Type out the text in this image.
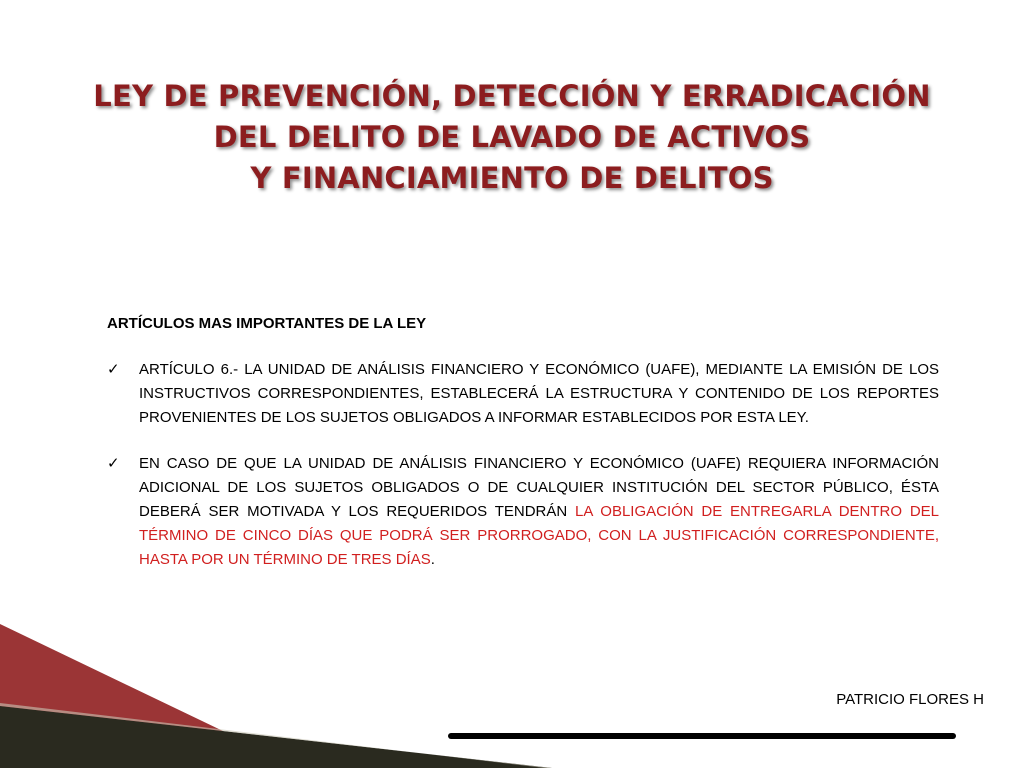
LEY DE PREVENCIÓN, DETECCIÓN Y ERRADICACIÓN
DEL DELITO DE LAVADO DE ACTIVOS
Y FINANCIAMIENTO DE DELITOS
ARTÍCULOS MAS IMPORTANTES DE LA LEY
✓	ARTÍCULO 6.- LA UNIDAD DE ANÁLISIS FINANCIERO Y ECONÓMICO (UAFE), MEDIANTE LA EMISIÓN DE LOS INSTRUCTIVOS CORRESPONDIENTES, ESTABLECERÁ LA ESTRUCTURA Y CONTENIDO DE LOS REPORTES PROVENIENTES DE LOS SUJETOS OBLIGADOS A INFORMAR ESTABLECIDOS POR ESTA LEY.
✓	EN CASO DE QUE LA UNIDAD DE ANÁLISIS FINANCIERO Y ECONÓMICO (UAFE) REQUIERA INFORMACIÓN ADICIONAL DE LOS SUJETOS OBLIGADOS O DE CUALQUIER INSTITUCIÓN DEL SECTOR PÚBLICO, ÉSTA DEBERÁ SER MOTIVADA Y LOS REQUERIDOS TENDRÁN LA OBLIGACIÓN DE ENTREGARLA DENTRO DEL TÉRMINO DE CINCO DÍAS QUE PODRÁ SER PRORROGADO, CON LA JUSTIFICACIÓN CORRESPONDIENTE, HASTA POR UN TÉRMINO DE TRES DÍAS.
PATRICIO FLORES H
